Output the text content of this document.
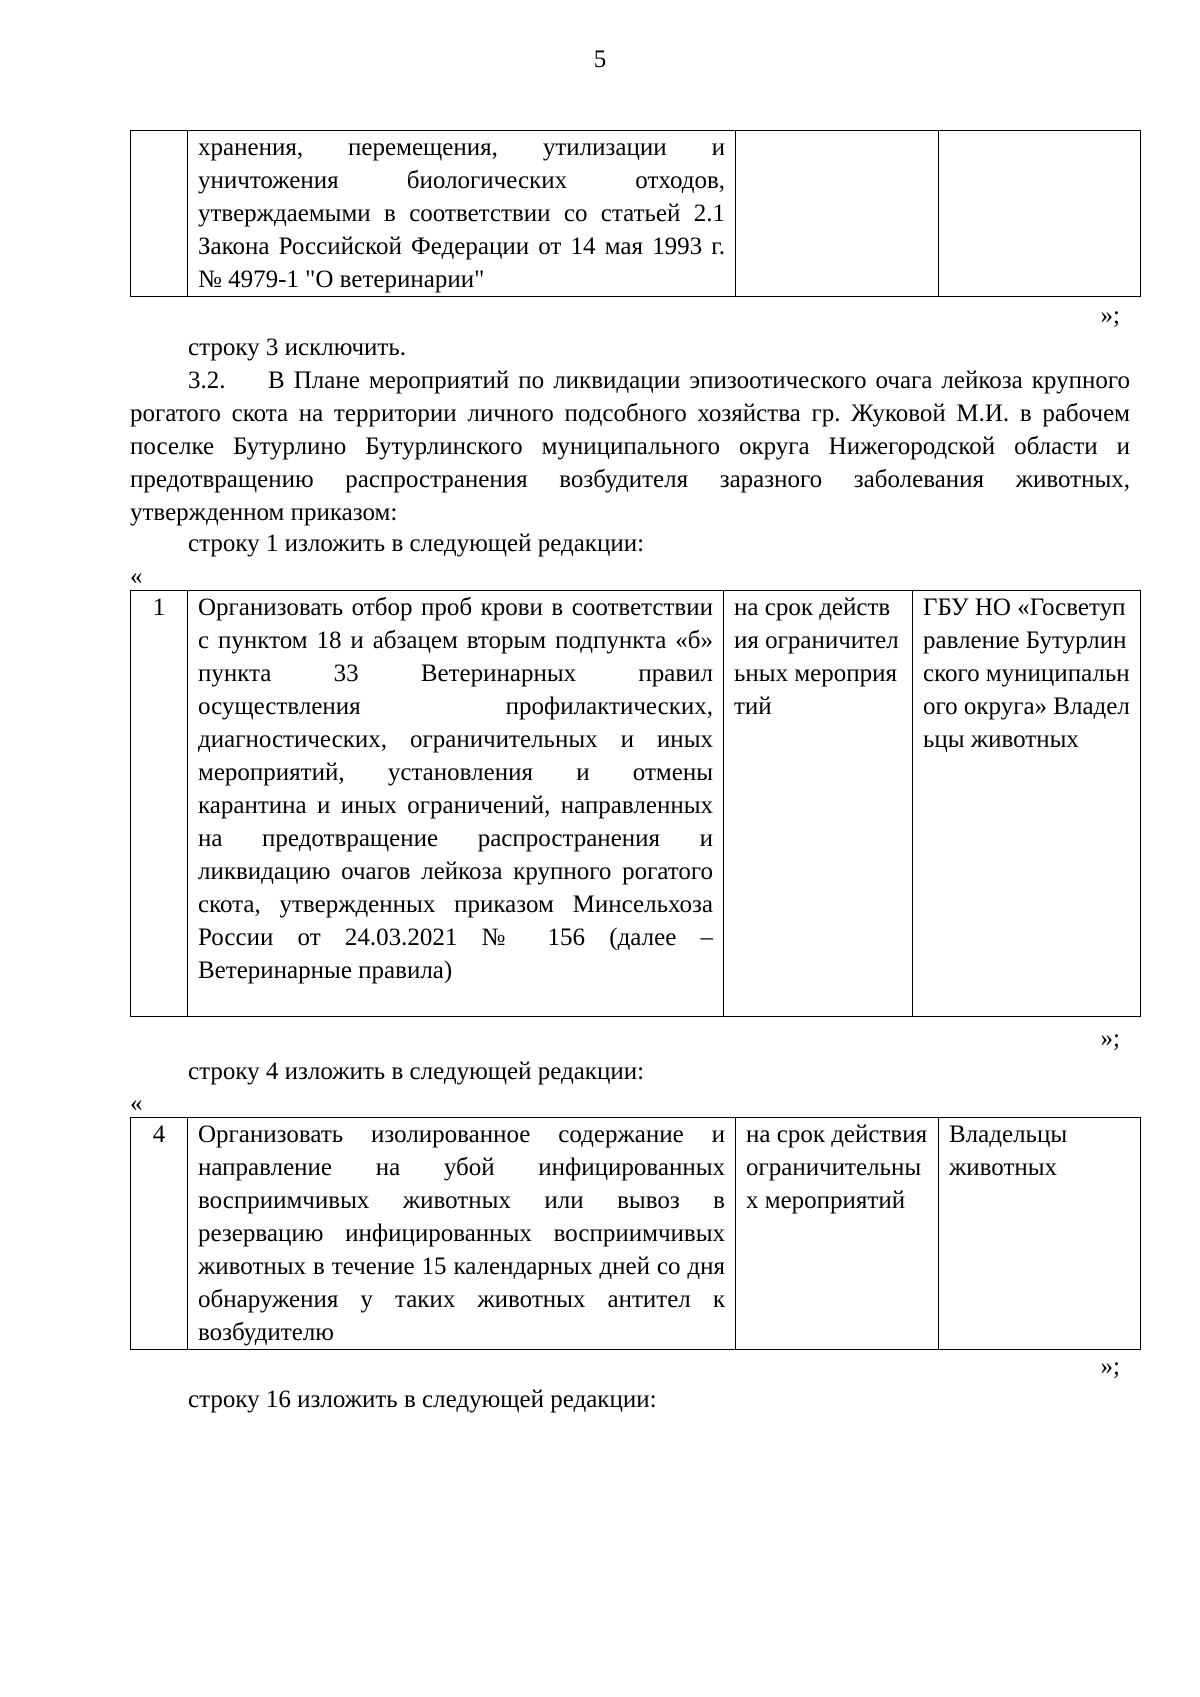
5
	хранения, перемещения, утилизации и уничтожения биологических отходов, утверждаемыми в соответствии со статьей 2.1 Закона Российской Федерации от 14 мая 1993 г. № 4979-1 "О ветеринарии"		
»;
строку 3 исключить.
3.2. В Плане мероприятий по ликвидации эпизоотического очага лейкоза крупного рогатого скота на территории личного подсобного хозяйства гр. Жуковой М.И. в рабочем поселке Бутурлино Бутурлинского муниципального округа Нижегородской области и предотвращению распространения возбудителя заразного заболевания животных, утвержденном приказом:
строку 1 изложить в следующей редакции:
«
1	Организовать отбор проб крови в соответствии с пунктом 18 и абзацем вторым подпункта «б» пункта 33 Ветеринарных правил осуществления профилактических, диагностических, ограничительных и иных мероприятий, установления и отмены карантина и иных ограничений, направленных на предотвращение распространения и ликвидацию очагов лейкоза крупного рогатого скота, утвержденных приказом Минсельхоза России от 24.03.2021 № 156 (далее – Ветеринарные правила)	на срок действия ограничительных мероприятий	ГБУ НО «Госветуправление Бутурлинского муниципального округа» Владельцы животных
»;
строку 4 изложить в следующей редакции:
«
4	Организовать изолированное содержание и направление на убой инфицированных восприимчивых животных или вывоз в резервацию инфицированных восприимчивых животных в течение 15 календарных дней со дня обнаружения у таких животных антител к возбудителю	на срок действия ограничительных мероприятий	Владельцы животных
»;
строку 16 изложить в следующей редакции:
